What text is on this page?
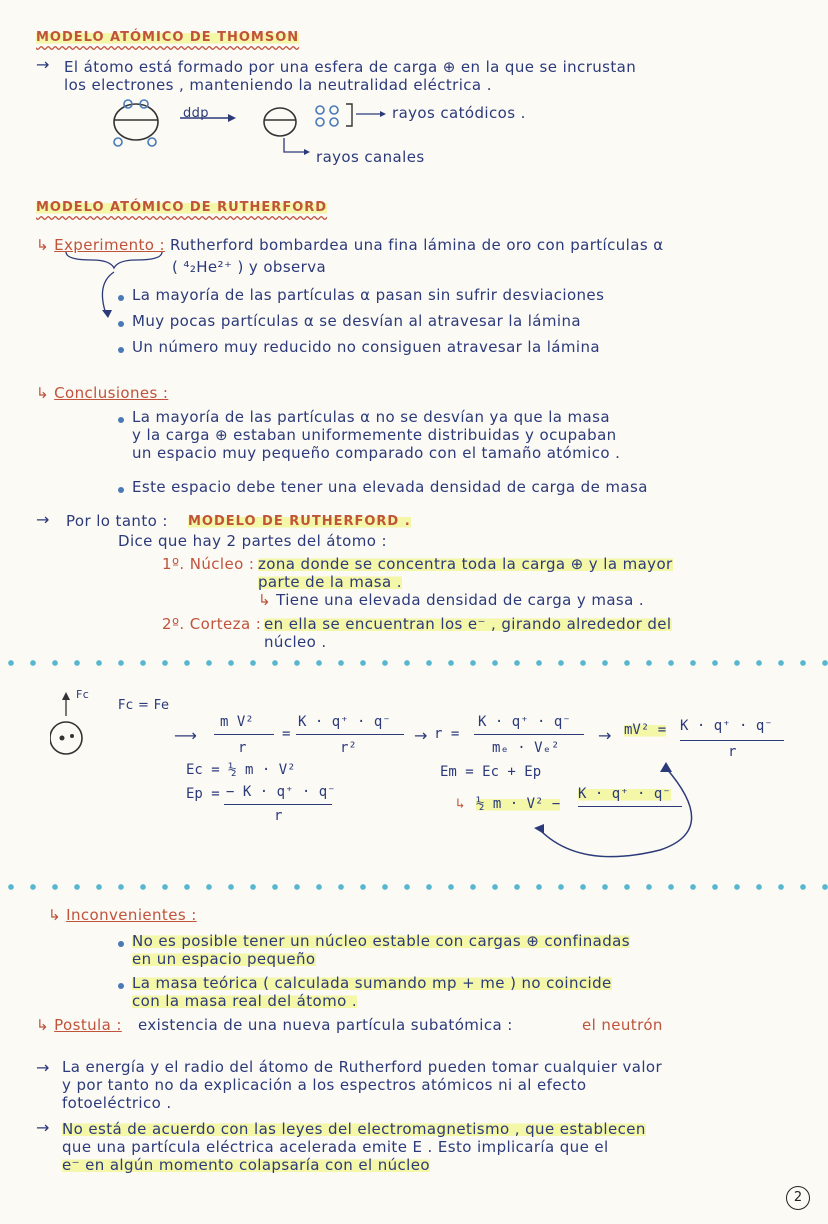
MODELO ATÓMICO DE THOMSON
→ El átomo está formado por una esfera de carga ⊕ en la que se incrustan
los electrones , manteniendo la neutralidad eléctrica .
ddp	rayos catódicos .
rayos canales
MODELO ATÓMICO DE RUTHERFORD
↳ Experimento : Rutherford bombardea una fina lámina de oro con partículas α
( ⁴₂He²⁺ ) y observa
La mayoría de las partículas α pasan sin sufrir desviaciones
Muy pocas partículas α se desvían al atravesar la lámina
Un número muy reducido no consiguen atravesar la lámina
↳ Conclusiones :
La mayoría de las partículas α no se desvían ya que la masa
y la carga ⊕ estaban uniformemente distribuidas y ocupaban
un espacio muy pequeño comparado con el tamaño atómico .
Este espacio debe tener una elevada densidad de carga de masa
→ Por lo tanto : MODELO DE RUTHERFORD .
Dice que hay 2 partes del átomo :
1º. Núcleo : zona donde se concentra toda la carga ⊕ y la mayor
parte de la masa .
↳ Tiene una elevada densidad de carga y masa .
2º. Corteza : en ella se encuentran los e⁻ , girando alrededor del
núcleo .
Fc
Fc = Fe
⟶
m V²
r
=
K · q⁺ · q⁻
r²
→ r =
K · q⁺ · q⁻
mₑ · Vₑ²
→ mV² = K · q⁺ · q⁻
r
Ec = ½ m · V²
Ep = − K · q⁺ · q⁻
r
Em = Ec + Ep
↳ ½ m · V² −
K · q⁺ · q⁻
↳ Inconvenientes :
No es posible tener un núcleo estable con cargas ⊕ confinadas
en un espacio pequeño
La masa teórica ( calculada sumando mp + me ) no coincide
con la masa real del átomo .
↳ Postula : existencia de una nueva partícula subatómica :	el neutrón
→ La energía y el radio del átomo de Rutherford pueden tomar cualquier valor
y por tanto no da explicación a los espectros atómicos ni al efecto
fotoeléctrico .
→ No está de acuerdo con las leyes del electromagnetismo , que establecen
que una partícula eléctrica acelerada emite E . Esto implicaría que el
e⁻ en algún momento colapsaría con el núcleo
2
